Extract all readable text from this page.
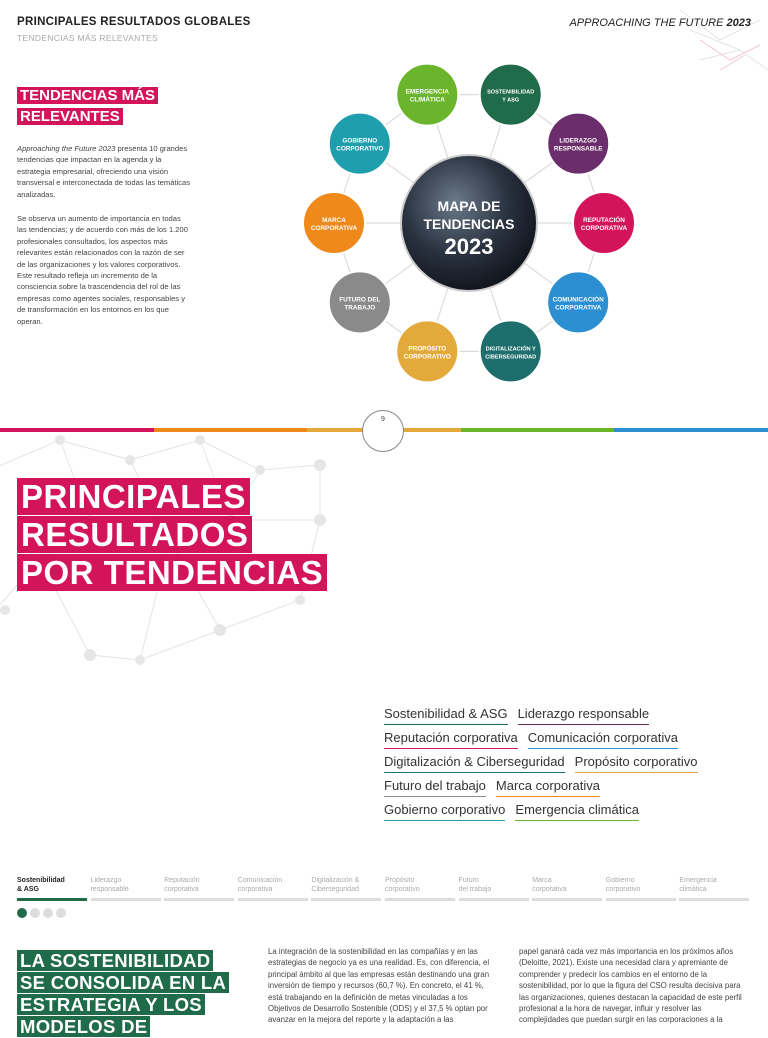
PRINCIPALES RESULTADOS GLOBALES
TENDENCIAS MÁS RELEVANTES
APPROACHING THE FUTURE 2023
TENDENCIAS MÁS RELEVANTES
Approaching the Future 2023 presenta 10 grandes tendencias que impactan en la agenda y la estrategia empresarial, ofreciendo una visión transversal e interconectada de todas las temáticas analizadas.
Se observa un aumento de importancia en todas las tendencias; y de acuerdo con más de los 1.200 profesionales consultados, los aspectos más relevantes están relacionados con la razón de ser de las organizaciones y los valores corporativos. Este resultado refleja un incremento de la consciencia sobre la trascendencia del rol de las empresas como agentes sociales, responsables y de transformación en los entornos en los que operan.
MAPA DE
TENDENCIAS
2023
EMERGENCIA
CLIMÁTICA
SOSTENIBILIDAD
Y ASG
LIDERAZGO
RESPONSABLE
REPUTACIÓN
CORPORATIVA
COMUNICACIÓN
CORPORATIVA
DIGITALIZACIÓN Y
CIBERSEGURIDAD
PROPÓSITO
CORPORATIVO
FUTURO DEL
TRABAJO
MARCA
CORPORATIVA
GOBIERNO
CORPORATIVO
9
PRINCIPALES
RESULTADOS
POR TENDENCIAS
Sostenibilidad & ASG Liderazgo responsable
Reputación corporativa Comunicación corporativa
Digitalización & Ciberseguridad Propósito corporativo
Futuro del trabajo Marca corporativa
Gobierno corporativo Emergencia climática
Sostenibilidad
& ASG
Liderazgo
responsable
Reputación
corporativa
Comunicación
corporativa
Digitalización &
Ciberseguridad
Propósito
corporativo
Futuro
del trabajo
Marca
corporativa
Gobierno
corporativo
Emergencia
climática
LA SOSTENIBILIDAD SE CONSOLIDA EN LA ESTRATEGIA Y LOS MODELOS DE
La integración de la sostenibilidad en las compañías y en las estrategias de negocio ya es una realidad. Es, con diferencia, el principal ámbito al que las empresas están destinando una gran inversión de tiempo y recursos (60,7 %). En concreto, el 41 %, está trabajando en la definición de metas vinculadas a los Objetivos de Desarrollo Sostenible (ODS) y el 37,5 % optan por avanzar en la mejora del reporte y la adaptación a las
papel ganará cada vez más importancia en los próximos años (Deloitte, 2021). Existe una necesidad clara y apremiante de comprender y predecir los cambios en el entorno de la sostenibilidad, por lo que la figura del CSO resulta decisiva para las organizaciones, quienes destacan la capacidad de este perfil profesional a la hora de navegar, influir y resolver las complejidades que puedan surgir en las corporaciones a la
